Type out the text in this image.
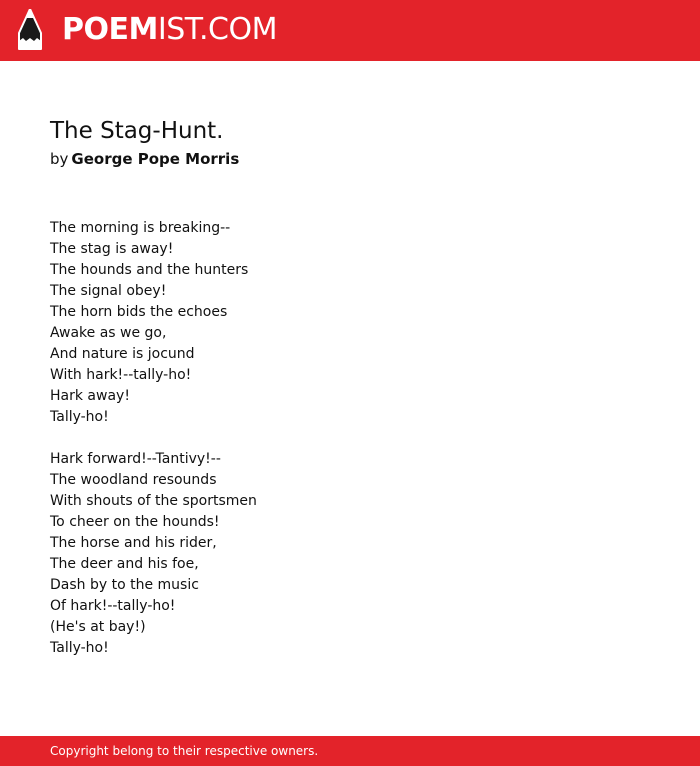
POEMIST.COM
The Stag-Hunt.
by George Pope Morris
The morning is breaking--
The stag is away!
The hounds and the hunters
The signal obey!
The horn bids the echoes
Awake as we go,
And nature is jocund
With hark!--tally-ho!
Hark away!
Tally-ho!
Hark forward!--Tantivy!--
The woodland resounds
With shouts of the sportsmen
To cheer on the hounds!
The horse and his rider,
The deer and his foe,
Dash by to the music
Of hark!--tally-ho!
(He's at bay!)
Tally-ho!
Copyright belong to their respective owners.
